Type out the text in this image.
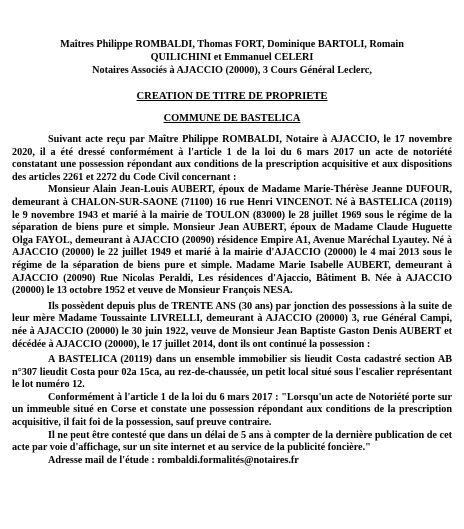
Maîtres Philippe ROMBALDI, Thomas FORT, Dominique BARTOLI, Romain
QUILICHINI et Emmanuel CELERI
Notaires Associés à AJACCIO (20000), 3 Cours Général Leclerc,
CREATION DE TITRE DE PROPRIETE
COMMUNE DE BASTELICA

Suivant acte reçu par Maître Philippe ROMBALDI, Notaire à AJACCIO, le 17 novembre 2020, il a été dressé conformément à l'article 1 de la loi du 6 mars 2017 un acte de notoriété constatant une possession répondant aux conditions de la prescription acquisitive et aux dispositions des articles 2261 et 2272 du Code Civil concernant :

Monsieur Alain Jean-Louis AUBERT, époux de Madame Marie-Thérèse Jeanne DUFOUR, demeurant à CHALON-SUR-SAONE (71100) 16 rue Henri VINCENOT. Né à BASTELICA (20119) le 9 novembre 1943 et marié à la mairie de TOULON (83000) le 28 juillet 1969 sous le régime de la séparation de biens pure et simple. Monsieur Jean AUBERT, époux de Madame Claude Huguette Olga FAYOL, demeurant à AJACCIO (20090) résidence Empire A1, Avenue Maréchal Lyautey. Né à AJACCIO (20000) le 22 juillet 1949 et marié à la mairie d'AJACCIO (20000) le 4 mai 2013 sous le régime de la séparation de biens pure et simple. Madame Marie Isabelle AUBERT, demeurant à AJACCIO (20090) Rue Nicolas Peraldi, Les résidences d'Ajaccio, Bâtiment B. Née à AJACCIO (20000) le 13 octobre 1952 et veuve de Monsieur François NESA.

Ils possèdent depuis plus de TRENTE ANS (30 ans) par jonction des possessions à la suite de leur mère Madame Toussainte LIVRELLI, demeurant à AJACCIO (20000) 3, rue Général Campi, née à AJACCIO (20000) le 30 juin 1922, veuve de Monsieur Jean Baptiste Gaston Denis AUBERT et décédée à AJACCIO (20000), le 17 juillet 2014, dont ils ont continué la possession :

A BASTELICA (20119) dans un ensemble immobilier sis lieudit Costa cadastré section AB n°307 lieudit Costa pour 02a 15ca, au rez-de-chaussée, un petit local situé sous l'escalier représentant le lot numéro 12.

Conformément à l'article 1 de la loi du 6 mars 2017 : "Lorsqu'un acte de Notoriété porte sur un immeuble situé en Corse et constate une possession répondant aux conditions de la prescription acquisitive, il fait foi de la possession, sauf preuve contraire.

Il ne peut être contesté que dans un délai de 5 ans à compter de la dernière publication de cet acte par voie d'affichage, sur un site internet et au service de la publicité foncière."

Adresse mail de l'étude : rombaldi.formalités@notaires.fr
